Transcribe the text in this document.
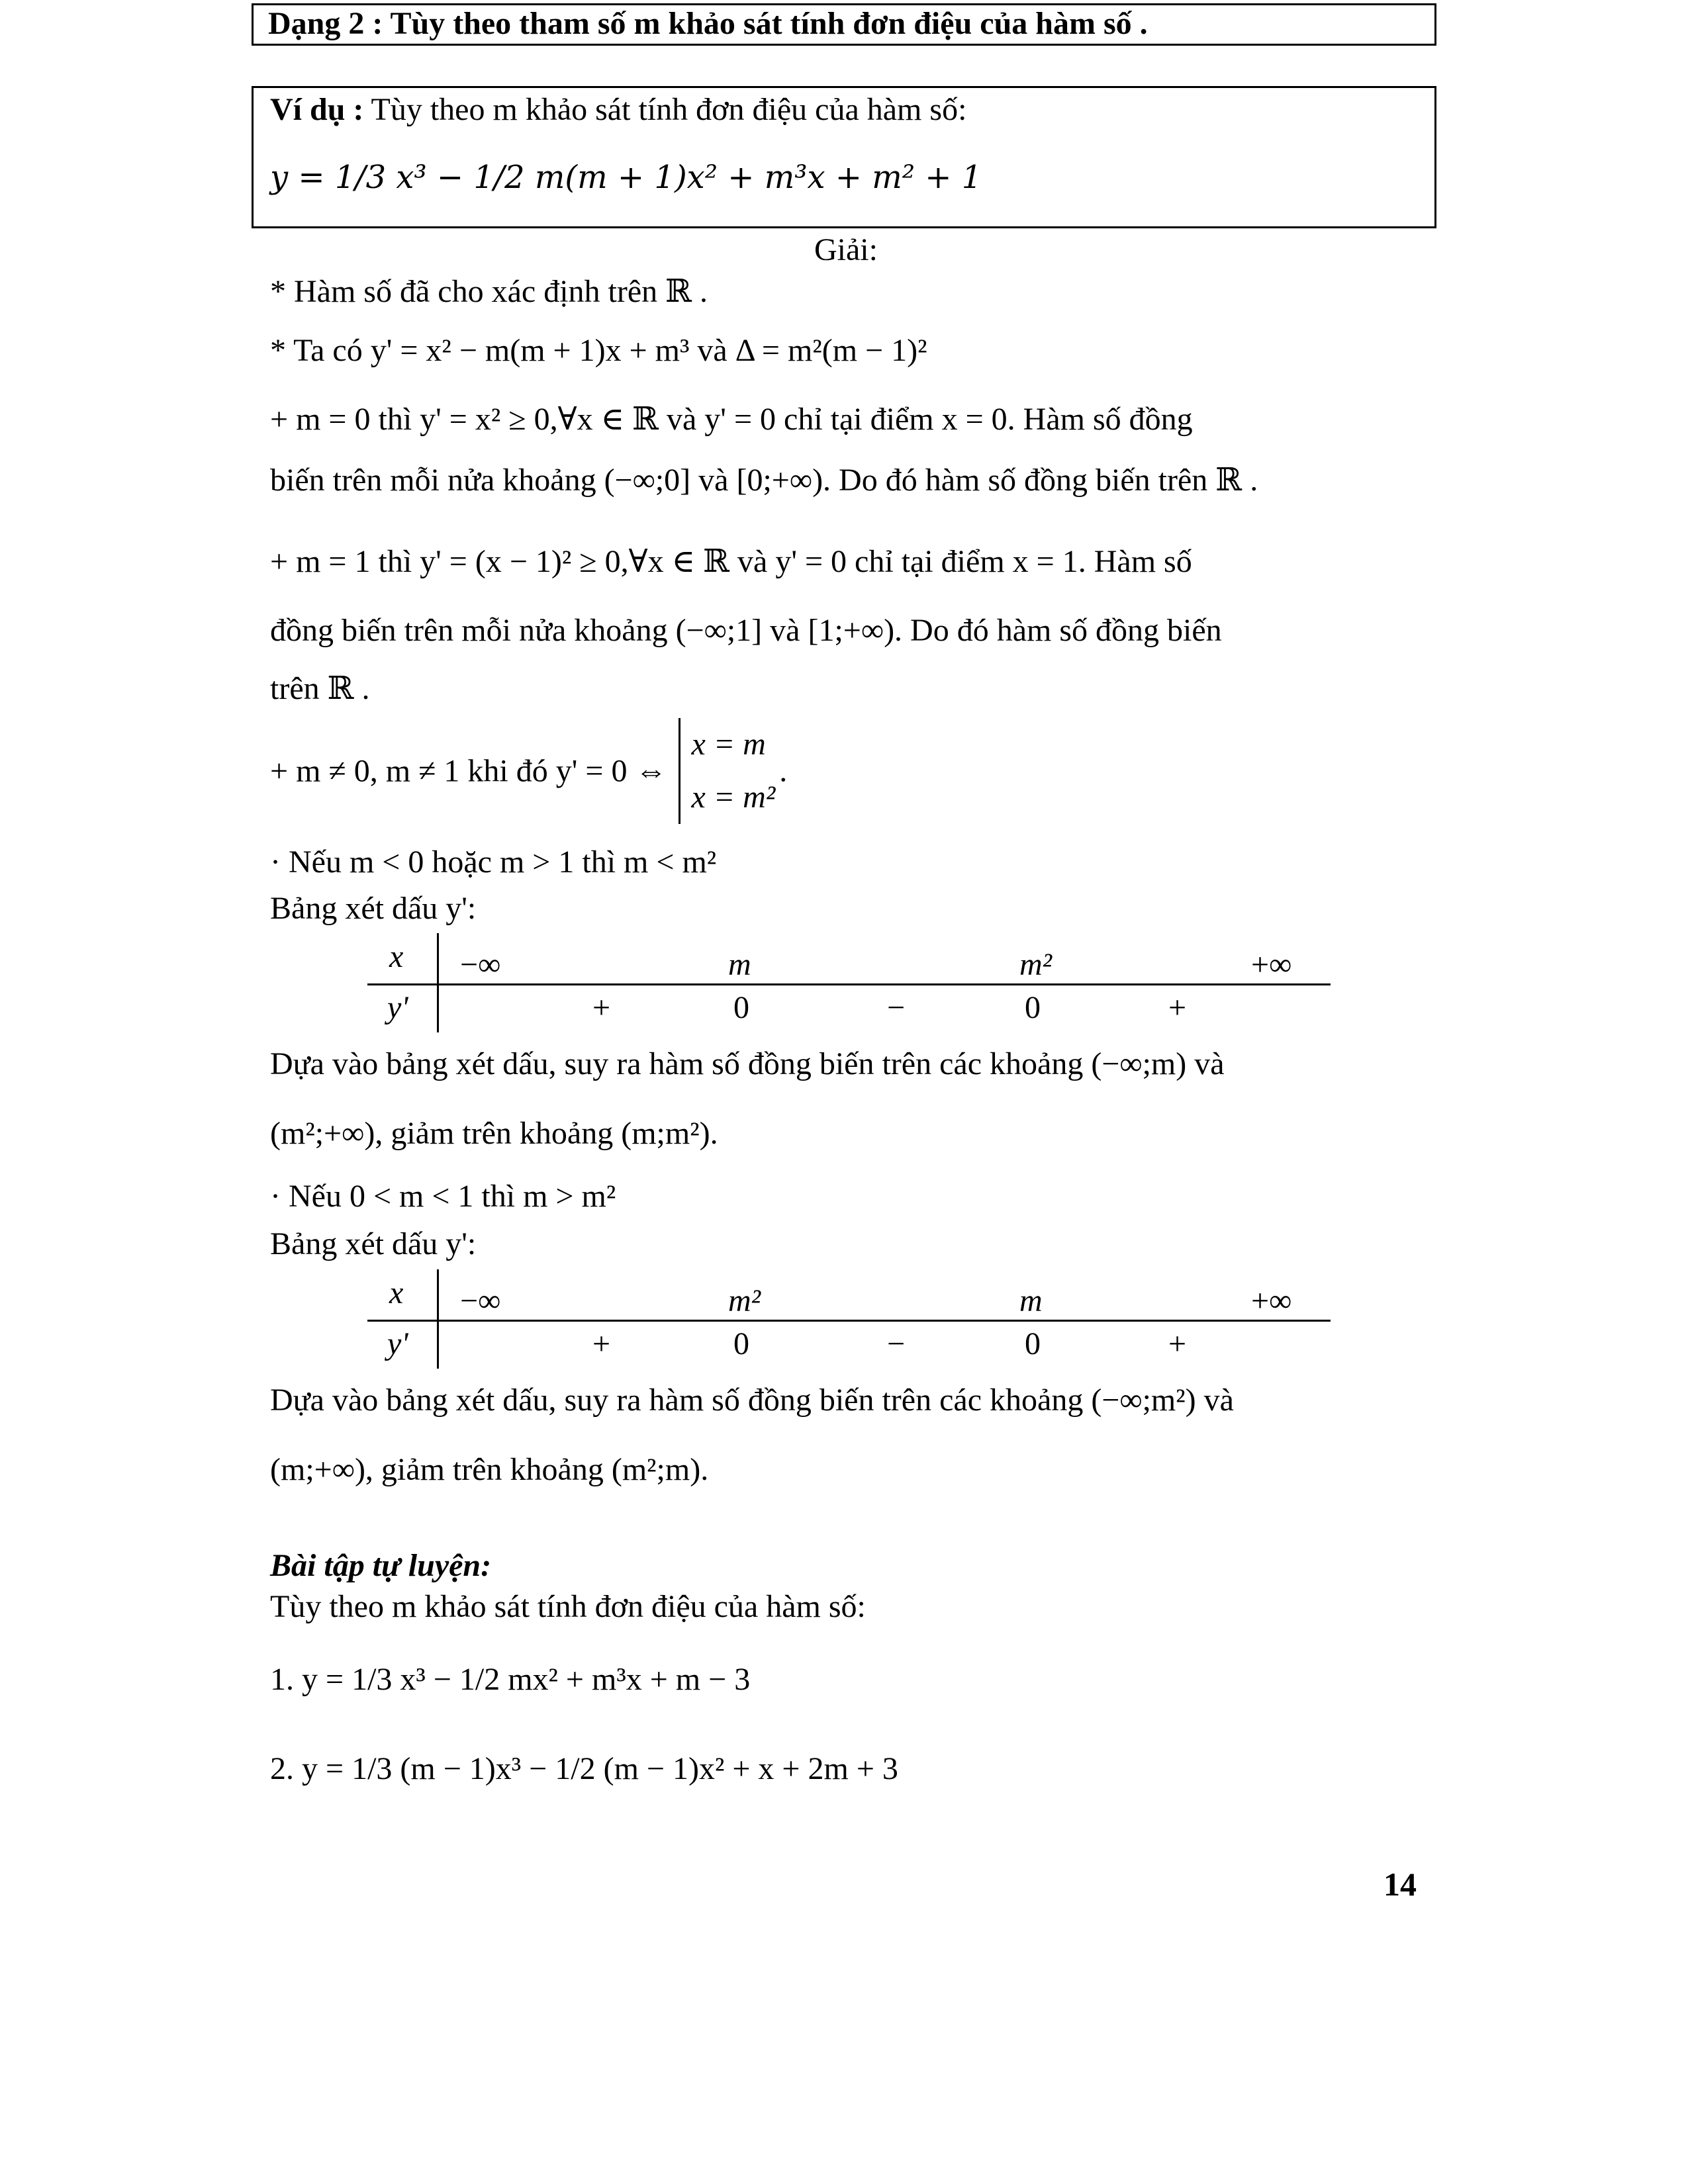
Dạng 2 : Tùy theo tham số m khảo sát tính đơn điệu của hàm số .
Ví dụ : Tùy theo m khảo sát tính đơn điệu của hàm số:
y = 1/3 x³ − 1/2 m(m + 1)x² + m³x + m² + 1
Giải:
* Hàm số đã cho xác định trên ℝ .
* Ta có y' = x² − m(m + 1)x + m³ và Δ = m²(m − 1)²
+ m = 0 thì y' = x² ≥ 0,∀x ∈ ℝ và y' = 0 chỉ tại điểm x = 0. Hàm số đồng
biến trên mỗi nửa khoảng (−∞;0] và [0;+∞). Do đó hàm số đồng biến trên ℝ .
+ m = 1 thì y' = (x − 1)² ≥ 0,∀x ∈ ℝ và y' = 0 chỉ tại điểm x = 1. Hàm số
đồng biến trên mỗi nửa khoảng (−∞;1] và [1;+∞). Do đó hàm số đồng biến
trên ℝ .
+ m ≠ 0, m ≠ 1 khi đó y' = 0 ⇔
x = m
x = m²
.
· Nếu m < 0 hoặc m > 1 thì m < m²
Bảng xét dấu y':
x −∞	m	m²	+∞
y'	+	0	−	0	+
Dựa vào bảng xét dấu, suy ra hàm số đồng biến trên các khoảng (−∞;m) và
(m²;+∞), giảm trên khoảng (m;m²).
· Nếu 0 < m < 1 thì m > m²
Bảng xét dấu y':
x −∞	m²	m	+∞
y'	+	0	−	0	+
Dựa vào bảng xét dấu, suy ra hàm số đồng biến trên các khoảng (−∞;m²) và
(m;+∞), giảm trên khoảng (m²;m).
Bài tập tự luyện:
Tùy theo m khảo sát tính đơn điệu của hàm số:
1. y = 1/3 x³ − 1/2 mx² + m³x + m − 3
2. y = 1/3 (m − 1)x³ − 1/2 (m − 1)x² + x + 2m + 3
14
